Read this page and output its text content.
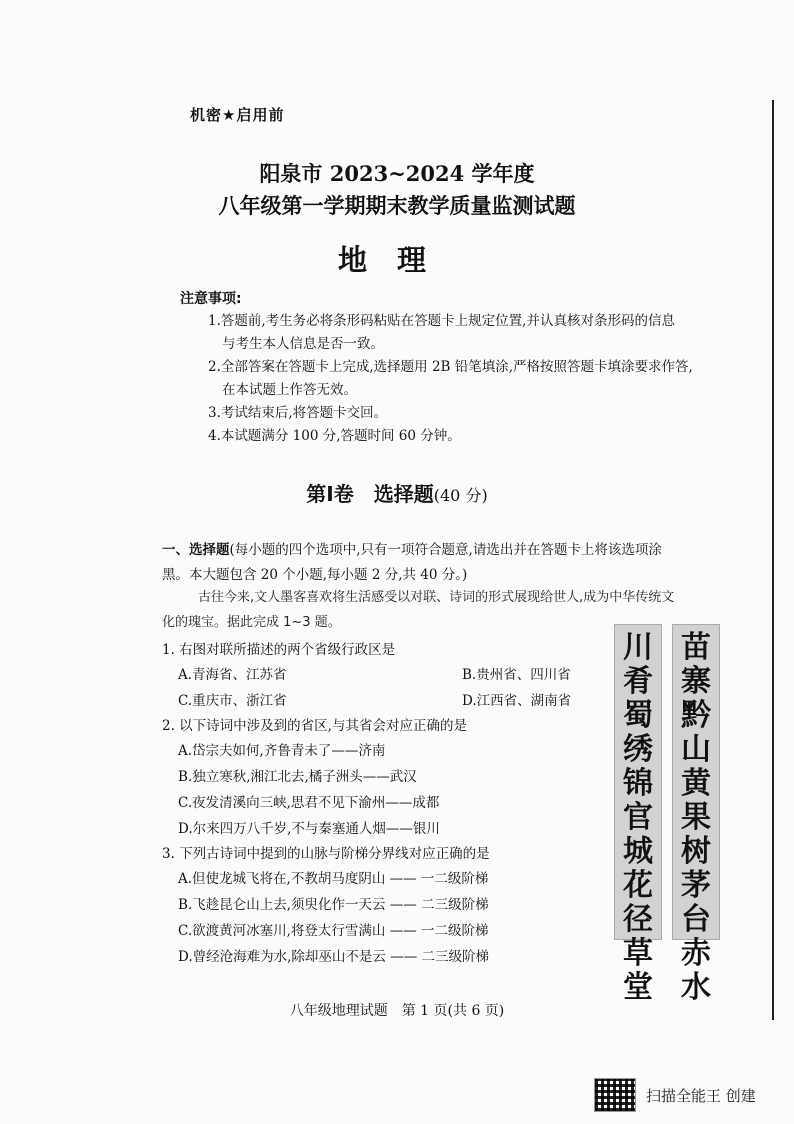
机密★启用前
阳泉市 2023~2024 学年度
八年级第一学期期末教学质量监测试题
地理
注意事项:
1.答题前,考生务必将条形码粘贴在答题卡上规定位置,并认真核对条形码的信息
与考生本人信息是否一致。
2.全部答案在答题卡上完成,选择题用 2B 铅笔填涂,严格按照答题卡填涂要求作答,
在本试题上作答无效。
3.考试结束后,将答题卡交回。
4.本试题满分 100 分,答题时间 60 分钟。
第Ⅰ卷　选择题(40 分)
一、选择题(每小题的四个选项中,只有一项符合题意,请选出并在答题卡上将该选项涂
黑。本大题包含 20 个小题,每小题 2 分,共 40 分。)
古往今来,文人墨客喜欢将生活感受以对联、诗词的形式展现给世人,成为中华传统文
化的瑰宝。据此完成 1~3 题。
1. 右图对联所描述的两个省级行政区是
A.青海省、江苏省	B.贵州省、四川省
C.重庆市、浙江省	D.江西省、湖南省
2. 以下诗词中涉及到的省区,与其省会对应正确的是
A.岱宗夫如何,齐鲁青未了——济南
B.独立寒秋,湘江北去,橘子洲头——武汉
C.夜发清溪向三峡,思君不见下渝州——成都
D.尔来四万八千岁,不与秦塞通人烟——银川
3. 下列古诗词中提到的山脉与阶梯分界线对应正确的是
A.但使龙城飞将在,不教胡马度阴山 —— 一二级阶梯
B.飞趁昆仑山上去,须臾化作一天云 —— 二三级阶梯
C.欲渡黄河冰塞川,将登太行雪满山 —— 一二级阶梯
D.曾经沧海难为水,除却巫山不是云 —— 二三级阶梯
川
肴
蜀
绣
锦
官
城
花
径
草
堂
苗
寨
黔
山
黄
果
树
茅
台
赤
水
八年级地理试题　第 1 页(共 6 页)
扫描全能王 创建
